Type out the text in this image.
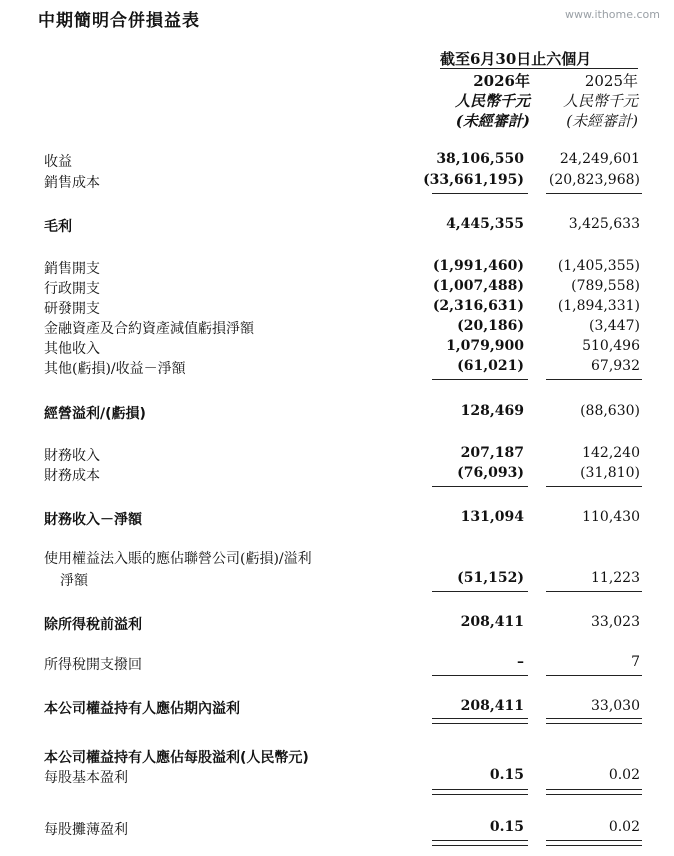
中期簡明合併損益表	www.ithome.com
截至6月30日止六個月
2026年	2025年
人民幣千元	人民幣千元
(未經審計)	(未經審計)
收益	38,106,550	24,249,601
銷售成本	(33,661,195)	(20,823,968)
毛利	4,445,355	3,425,633
銷售開支	(1,991,460)	(1,405,355)
行政開支	(1,007,488)	(789,558)
研發開支	(2,316,631)	(1,894,331)
金融資產及合約資產減值虧損淨額	(20,186)	(3,447)
其他收入	1,079,900	510,496
其他(虧損)/收益－淨額	(61,021)	67,932
經營溢利/(虧損)	128,469	(88,630)
財務收入	207,187	142,240
財務成本	(76,093)	(31,810)
財務收入－淨額	131,094	110,430
使用權益法入賬的應佔聯營公司(虧損)/溢利
淨額	(51,152)	11,223
除所得稅前溢利	208,411	33,023
所得稅開支撥回	–	7
本公司權益持有人應佔期內溢利	208,411	33,030
本公司權益持有人應佔每股溢利(人民幣元)
每股基本盈利	0.15	0.02
每股攤薄盈利	0.15	0.02
